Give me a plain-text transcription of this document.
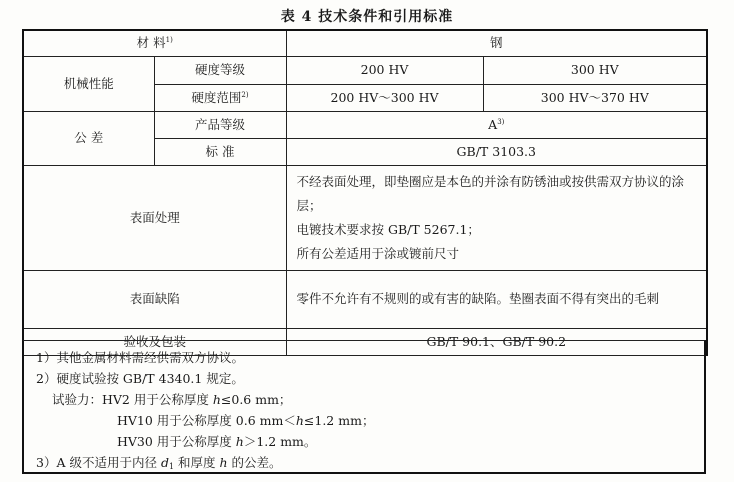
表 4 技术条件和引用标准
材 料$^{1)}$		钢	
机械性能	硬度等级	200 HV	300 HV
	硬度范围$^{2)}$	200 HV～300 HV	300 HV～370 HV
公 差	产品等级	$A^{3)}$
	标 准	GB/T 3103.3	
表面处理		不经表面处理，即垫圈应是本色的并涂有防锈油或按供需双方协议的涂层；
电镀技术要求按 GB/T 5267.1；
所有公差适用于涂或镀前尺寸	

表面缺陷		零件不允许有不规则的或有害的缺陷。垫圈表面不得有突出的毛刺	
验收及包装		GB/T 90.1、GB/T 90.2	
1）其他金属材料需经供需双方协议。
2）硬度试验按 GB/T 4340.1 规定。
试验力：HV2 用于公称厚度 h≤0.6 mm；
HV10 用于公称厚度 0.6 mm＜h≤1.2 mm；
HV30 用于公称厚度 h＞1.2 mm。
3）A 级不适用于内径 $d_1$ 和厚度 h 的公差。
